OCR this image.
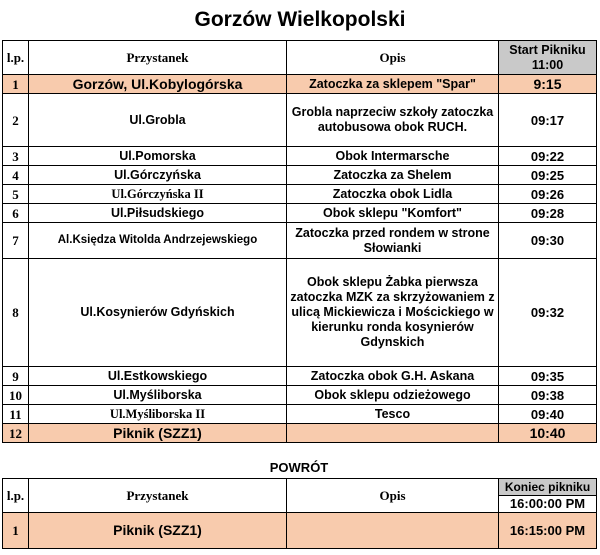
Gorzów Wielkopolski
l.p.	Przystanek	Opis	Start Pikniku
11:00

1	Gorzów, Ul.Kobylogórska	Zatoczka za sklepem "Spar"	9:15
2	Ul.Grobla	Grobla naprzeciw szkoły zatoczka autobusowa obok RUCH.	09:17
3	Ul.Pomorska	Obok Intermarsche	09:22
4	Ul.Górczyńska	Zatoczka za Shelem	09:25
5	Ul.Górczyńska II	Zatoczka obok Lidla	09:26
6	Ul.Piłsudskiego	Obok sklepu "Komfort"	09:28
7	Al.Księdza Witolda Andrzejewskiego	Zatoczka przed rondem w strone Słowianki	09:30
8	Ul.Kosynierów Gdyńskich	Obok sklepu Żabka pierwsza zatoczka MZK za skrzyżowaniem z ulicą Mickiewicza i Mościckiego w kierunku ronda kosynierów Gdynskich	09:32
9	Ul.Estkowskiego	Zatoczka obok G.H. Askana	09:35
10	Ul.Myśliborska	Obok sklepu odzieżowego	09:38
11	Ul.Myśliborska II	Tesco	09:40
12	Piknik (SZZ1)		10:40
POWRÓT
l.p.	Przystanek	Opis	Koniec pikniku
16:00:00 PM

1	Piknik (SZZ1)		16:15:00 PM
